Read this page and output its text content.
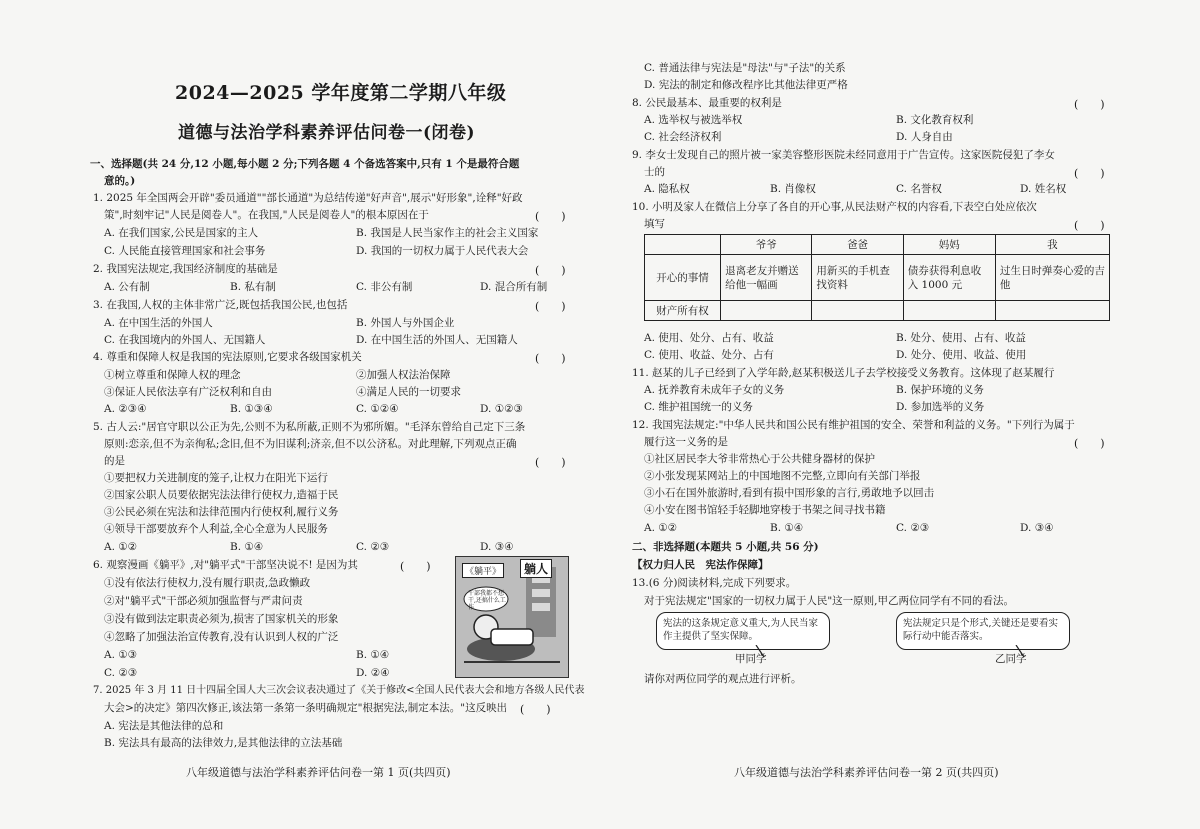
2024—2025 学年度第二学期八年级
道德与法治学科素养评估问卷一(闭卷)
一、选择题(共 24 分,12 小题,每小题 2 分;下列各题 4 个备选答案中,只有 1 个是最符合题
意的。)
1. 2025 年全国两会开辟"委员通道""部长通道"为总结传递"好声音",展示"好形象",诠释"好政
策",时刻牢记"人民是阅卷人"。在我国,"人民是阅卷人"的根本原因在于	(　　)
A. 在我们国家,公民是国家的主人	B. 我国是人民当家作主的社会主义国家
C. 人民能直接管理国家和社会事务	D. 我国的一切权力属于人民代表大会
2. 我国宪法规定,我国经济制度的基础是	(　　)
A. 公有制	B. 私有制	C. 非公有制	D. 混合所有制
3. 在我国,人权的主体非常广泛,既包括我国公民,也包括	(　　)
A. 在中国生活的外国人	B. 外国人与外国企业
C. 在我国境内的外国人、无国籍人	D. 在中国生活的外国人、无国籍人
4. 尊重和保障人权是我国的宪法原则,它要求各级国家机关	(　　)
①树立尊重和保障人权的理念	②加强人权法治保障
③保证人民依法享有广泛权利和自由	④满足人民的一切要求
A. ②③④	B. ①③④	C. ①②④	D. ①②③
5. 古人云:"居官守职以公正为先,公则不为私所蔽,正则不为邪所媚。"毛泽东曾给自己定下三条
原则:恋亲,但不为亲徇私;念旧,但不为旧谋利;济亲,但不以公济私。对此理解,下列观点正确
的是	(　　)
①要把权力关进制度的笼子,让权力在阳光下运行
②国家公职人员要依据宪法法律行使权力,造福于民
③公民必须在宪法和法律范围内行使权利,履行义务
④领导干部要放弃个人利益,全心全意为人民服务
A. ①②	B. ①④	C. ②③	D. ③④
6. 观察漫画《躺平》,对"躺平式"干部坚决说不! 是因为其	(　　)
①没有依法行使权力,没有履行职责,急政懒政
②对"躺平式"干部必须加强监督与严肃问责
③没有做到法定职责必须为,损害了国家机关的形象
④忽略了加强法治宣传教育,没有认识到人权的广泛
A. ①③	B. ①④
C. ②③	D. ②④
《躺平》	躺人
干部我都不想干,还搞什么工作
7. 2025 年 3 月 11 日十四届全国人大三次会议表决通过了《关于修改<全国人民代表大会和地方各级人民代表
大会>的决定》第四次修正,该法第一条第一条明确规定"根据宪法,制定本法。"这反映出 (　　)
A. 宪法是其他法律的总和
B. 宪法具有最高的法律效力,是其他法律的立法基础
八年级道德与法治学科素养评估问卷一第 1 页(共四页)
C. 普通法律与宪法是"母法"与"子法"的关系
D. 宪法的制定和修改程序比其他法律更严格
8. 公民最基本、最重要的权利是	(　　)
A. 选举权与被选举权	B. 文化教育权利
C. 社会经济权利	D. 人身自由
9. 李女士发现自己的照片被一家美容整形医院未经同意用于广告宣传。这家医院侵犯了李女
士的	(　　)
A. 隐私权	B. 肖像权	C. 名誉权	D. 姓名权
10. 小明及家人在微信上分享了各自的开心事,从民法财产权的内容看,下表空白处应依次
填写	(　　)
	爷爷	爸爸	妈妈	我
开心的事情	退离老友并赠送给他一幅画	用新买的手机查找资料	债券获得利息收入 1000 元	过生日时弹奏心爱的吉他
财产所有权				
A. 使用、处分、占有、收益	B. 处分、使用、占有、收益
C. 使用、收益、处分、占有	D. 处分、使用、收益、使用
11. 赵某的儿子已经到了入学年龄,赵某积极送儿子去学校接受义务教育。这体现了赵某履行
A. 抚养教育未成年子女的义务	B. 保护环境的义务
C. 维护祖国统一的义务	D. 参加选举的义务
12. 我国宪法规定:"中华人民共和国公民有维护祖国的安全、荣誉和利益的义务。"下列行为属于
履行这一义务的是	(　　)
①社区居民李大爷非常热心于公共健身器材的保护
②小张发现某网站上的中国地图不完整,立即向有关部门举报
③小石在国外旅游时,看到有损中国形象的言行,勇敢地予以回击
④小安在图书馆轻手轻脚地穿梭于书架之间寻找书籍
A. ①②	B. ①④	C. ②③	D. ③④
二、非选择题(本题共 5 小题,共 56 分)
【权力归人民　宪法作保障】
13.(6 分)阅读材料,完成下列要求。
对于宪法规定"国家的一切权力属于人民"这一原则,甲乙两位同学有不同的看法。
宪法的这条规定意义重大,为人民当家作主提供了坚实保障。
宪法规定只是个形式,关键还是要看实际行动中能否落实。
甲同学	乙同学
请你对两位同学的观点进行评析。
八年级道德与法治学科素养评估问卷一第 2 页(共四页)
